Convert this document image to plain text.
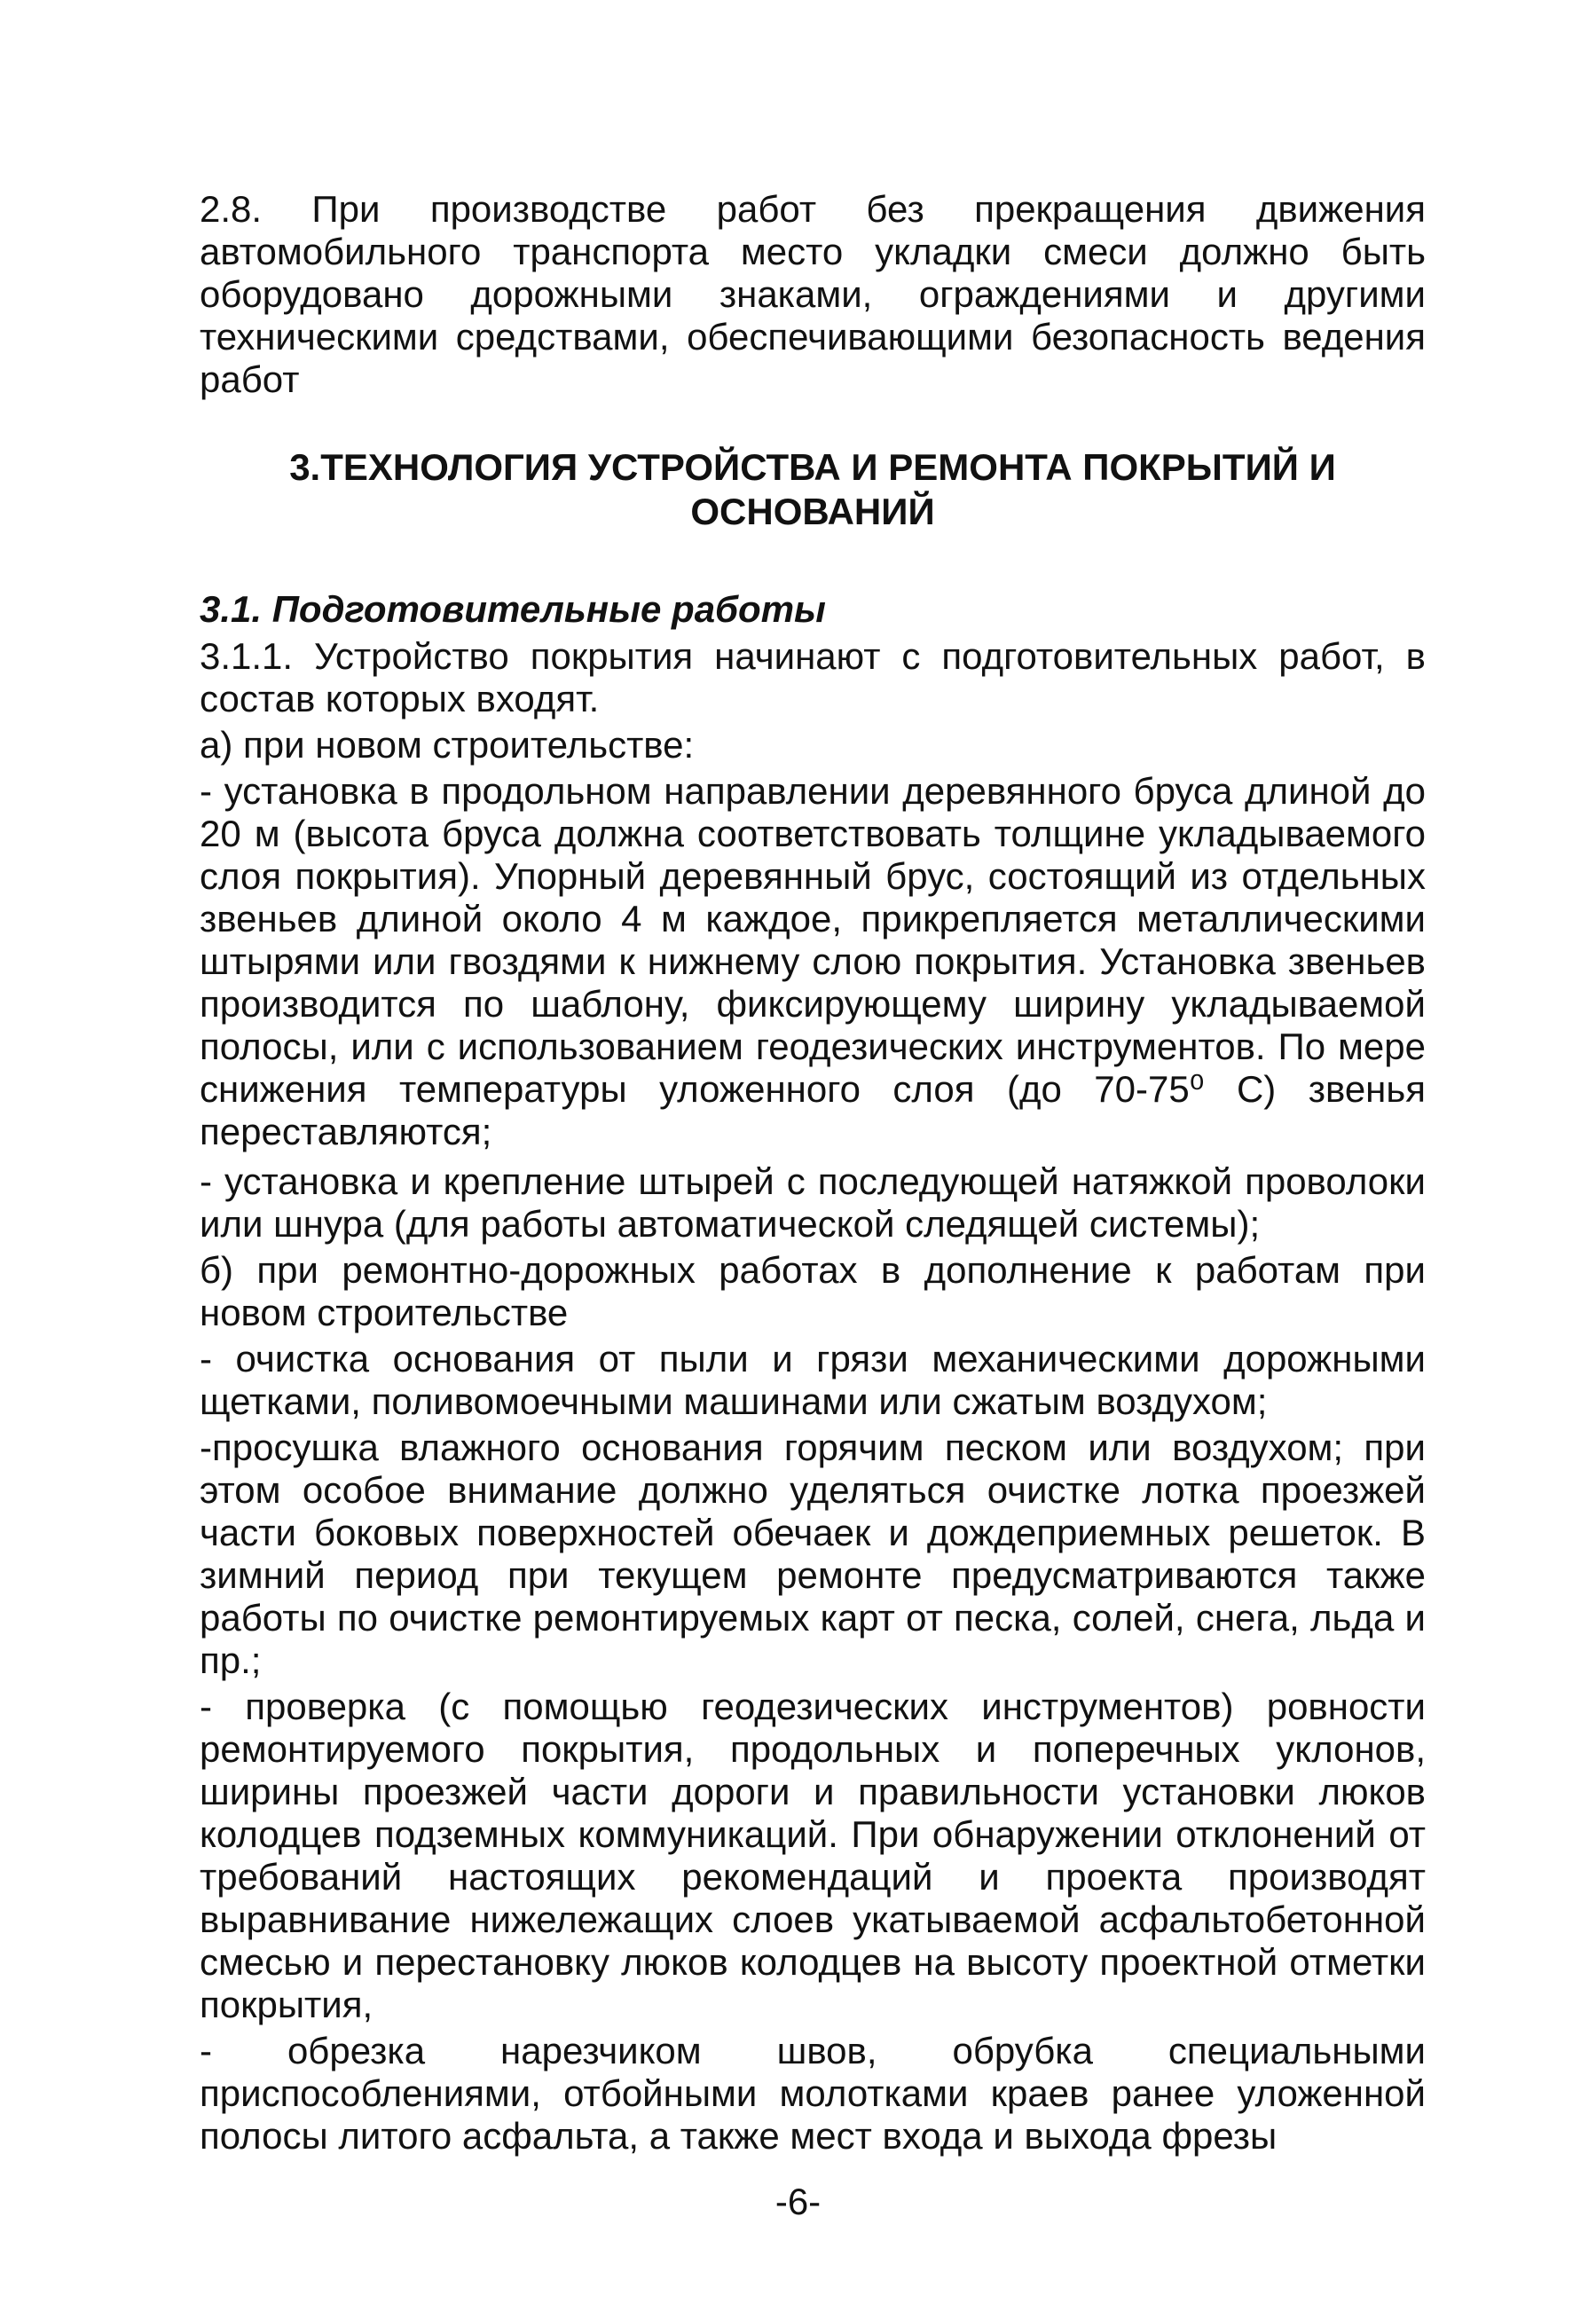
2.8. При производстве работ без прекращения движения автомобильного транспорта место укладки смеси должно быть оборудовано дорожными знаками, ограждениями и другими техническими средствами, обеспечивающими безопасность ведения работ

3.ТЕХНОЛОГИЯ УСТРОЙСТВА И РЕМОНТА ПОКРЫТИЙ И ОСНОВАНИЙ
3.1. Подготовительные работы

3.1.1. Устройство покрытия начинают с подготовительных работ, в состав которых входят.

а) при новом строительстве:

- установка в продольном направлении деревянного бруса длиной до 20 м (высота бруса должна соответствовать толщине укладываемого слоя покрытия). Упорный деревянный брус, состоящий из отдельных звеньев длиной около 4 м каждое, прикрепляется металлическими штырями или гвоздями к нижнему слою покрытия. Установка звеньев производится по шаблону, фиксирующему ширину укладываемой полосы, или с использованием геодезических инструментов. По мере снижения температуры уложенного слоя (до 70-75⁰ С) звенья переставляются;

- установка и крепление штырей с последующей натяжкой проволоки или шнура (для работы автоматической следящей системы);

б) при ремонтно-дорожных работах в дополнение к работам при новом строительстве

- очистка основания от пыли и грязи механическими дорожными щетками, поливомоечными машинами или сжатым воздухом;

-просушка влажного основания горячим песком или воздухом; при этом особое внимание должно уделяться очистке лотка проезжей части боковых поверхностей обечаек и дождеприемных решеток. В зимний период при текущем ремонте предусматриваются также работы по очистке ремонтируемых карт от песка, солей, снега, льда и пр.;

- проверка (с помощью геодезических инструментов) ровности ремонтируемого покрытия, продольных и поперечных уклонов, ширины проезжей части дороги и правильности установки люков колодцев подземных коммуникаций. При обнаружении отклонений от требований настоящих рекомендаций и проекта производят выравнивание нижележащих слоев укатываемой асфальтобетонной смесью и перестановку люков колодцев на высоту проектной отметки покрытия,

- обрезка нарезчиком швов, обрубка специальными приспособлениями, отбойными молотками краев ранее уложенной полосы литого асфальта, а также мест входа и выхода фрезы

-6-
